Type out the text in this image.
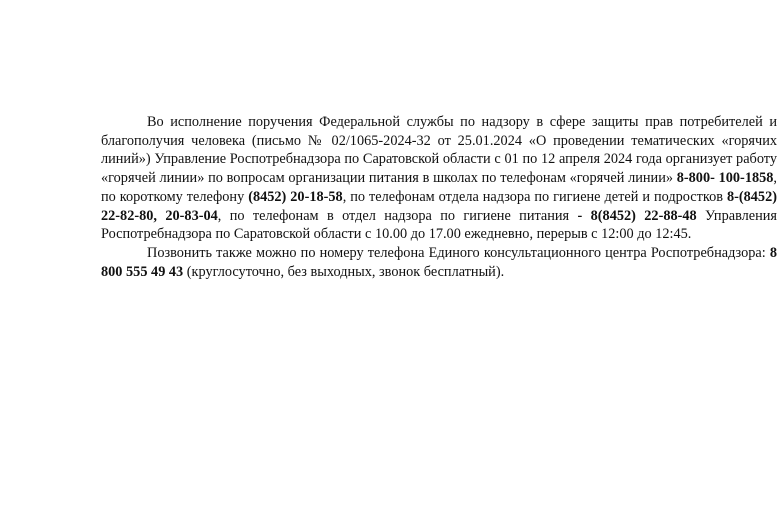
Во исполнение поручения Федеральной службы по надзору в сфере защиты прав потребителей и благополучия человека (письмо № 02/1065-2024-32 от 25.01.2024 «О проведении тематических «горячих линий») Управление Роспотребнадзора по Саратовской области с 01 по 12 апреля 2024 года организует работу «горячей линии» по вопросам организации питания в школах по телефонам «горячей линии» 8-800- 100-1858, по короткому телефону (8452) 20-18-58, по телефонам отдела надзора по гигиене детей и подростков 8-(8452) 22-82-80, 20-83-04, по телефонам в отдел надзора по гигиене питания - 8(8452) 22-88-48 Управления Роспотребнадзора по Саратовской области с 10.00 до 17.00 ежедневно, перерыв с 12:00 до 12:45.

Позвонить также можно по номеру телефона Единого консультационного центра Роспотребнадзора: 8 800 555 49 43 (круглосуточно, без выходных, звонок бесплатный).
